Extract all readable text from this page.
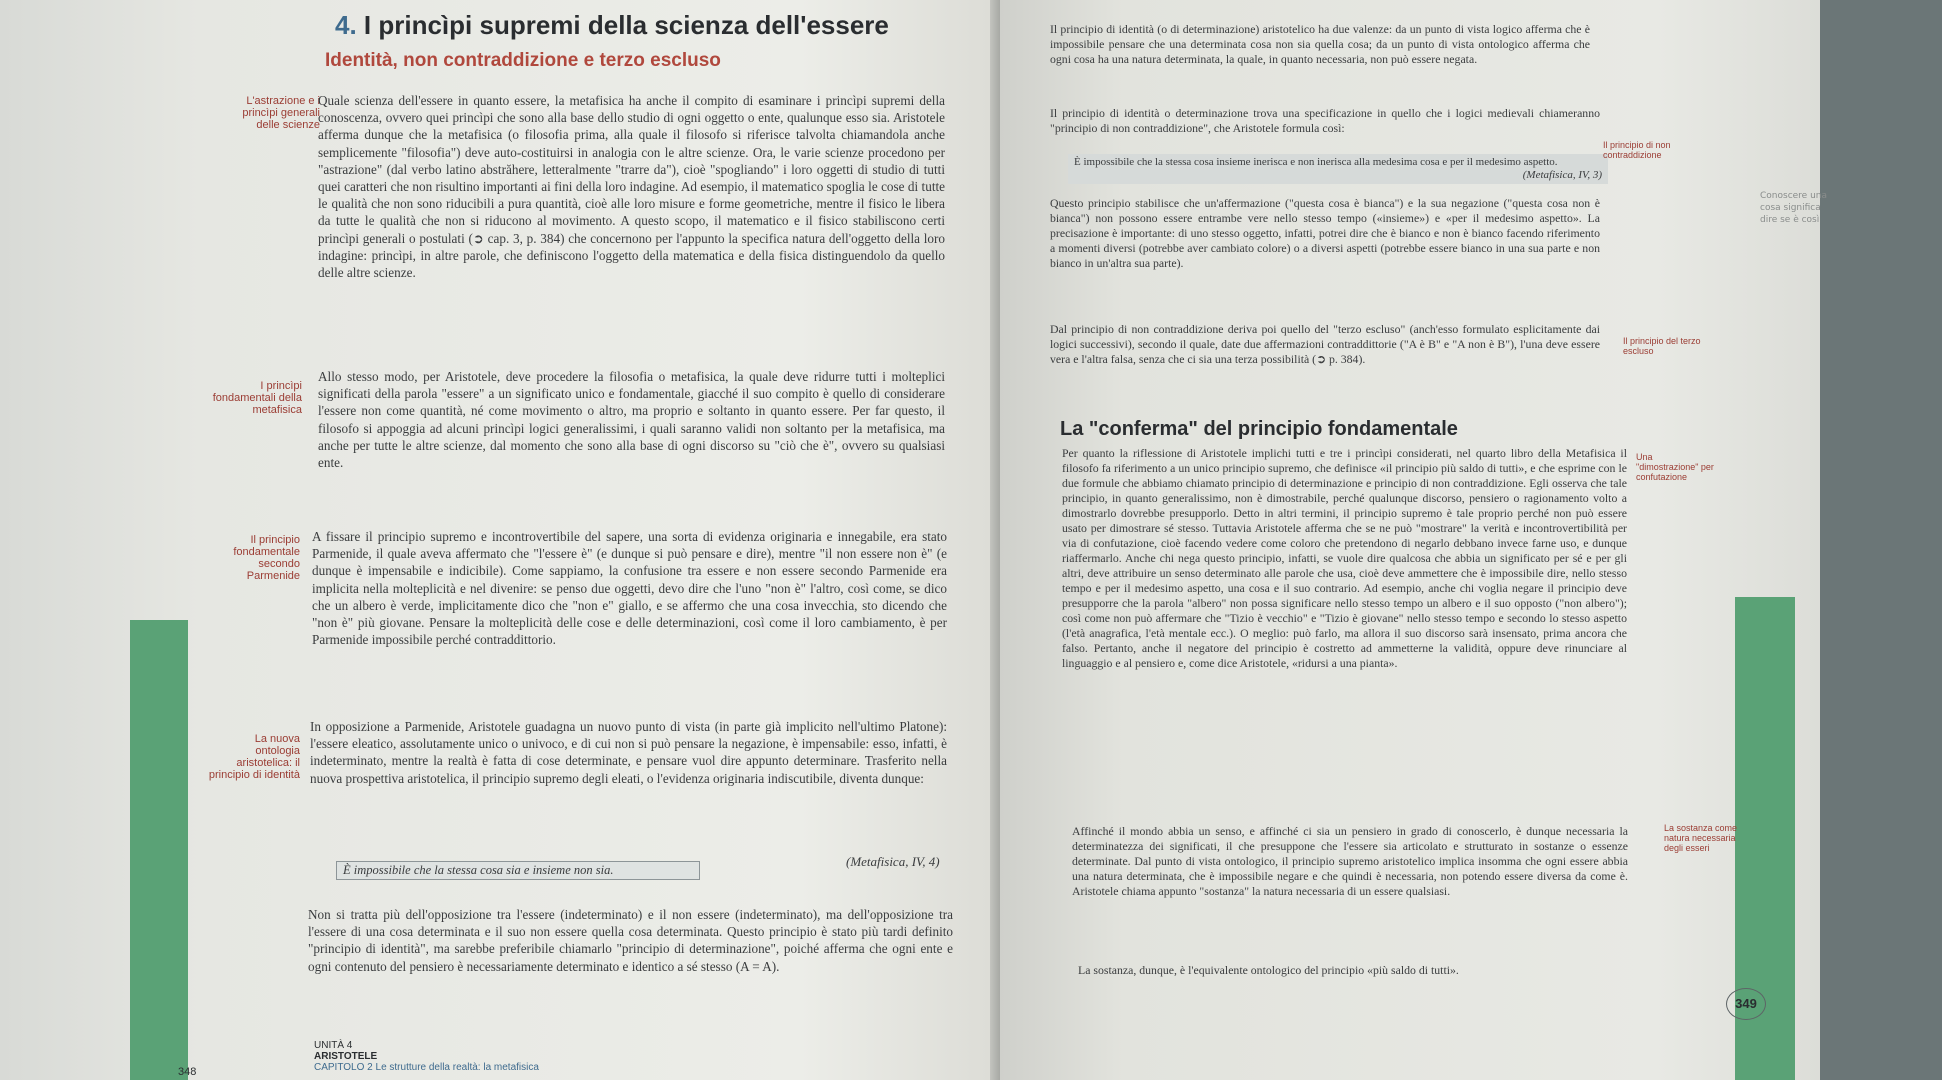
4. I princìpi supremi della scienza dell'essere
Identità, non contraddizione e terzo escluso
L'astrazione e i princìpi generali delle scienze
I princìpi fondamentali della metafisica
Il principio fondamentale secondo Parmenide
La nuova ontologia aristotelica: il principio di identità
Quale scienza dell'essere in quanto essere, la metafisica ha anche il compito di esaminare i princìpi supremi della conoscenza, ovvero quei princìpi che sono alla base dello studio di ogni oggetto o ente, qualunque esso sia. Aristotele afferma dunque che la metafisica (o filosofia prima, alla quale il filosofo si riferisce talvolta chiamandola anche semplicemente "filosofia") deve auto-costituirsi in analogia con le altre scienze. Ora, le varie scienze procedono per "astrazione" (dal verbo latino abstrăhere, letteralmente "trarre da"), cioè "spogliando" i loro oggetti di studio di tutti quei caratteri che non risultino importanti ai fini della loro indagine. Ad esempio, il matematico spoglia le cose di tutte le qualità che non sono riducibili a pura quantità, cioè alle loro misure e forme geometriche, mentre il fisico le libera da tutte le qualità che non si riducono al movimento. A questo scopo, il matematico e il fisico stabiliscono certi princìpi generali o postulati (➲ cap. 3, p. 384) che concernono per l'appunto la specifica natura dell'oggetto della loro indagine: princìpi, in altre parole, che definiscono l'oggetto della matematica e della fisica distinguendolo da quello delle altre scienze.
Allo stesso modo, per Aristotele, deve procedere la filosofia o metafisica, la quale deve ridurre tutti i molteplici significati della parola "essere" a un significato unico e fondamentale, giacché il suo compito è quello di considerare l'essere non come quantità, né come movimento o altro, ma proprio e soltanto in quanto essere. Per far questo, il filosofo si appoggia ad alcuni princìpi logici generalissimi, i quali saranno validi non soltanto per la metafisica, ma anche per tutte le altre scienze, dal momento che sono alla base di ogni discorso su "ciò che è", ovvero su qualsiasi ente.
A fissare il principio supremo e incontrovertibile del sapere, una sorta di evidenza originaria e innegabile, era stato Parmenide, il quale aveva affermato che "l'essere è" (e dunque si può pensare e dire), mentre "il non essere non è" (e dunque è impensabile e indicibile). Come sappiamo, la confusione tra essere e non essere secondo Parmenide era implicita nella molteplicità e nel divenire: se penso due oggetti, devo dire che l'uno "non è" l'altro, così come, se dico che un albero è verde, implicitamente dico che "non e" giallo, e se affermo che una cosa invecchia, sto dicendo che "non è" più giovane. Pensare la molteplicità delle cose e delle determinazioni, così come il loro cambiamento, è per Parmenide impossibile perché contraddittorio.
In opposizione a Parmenide, Aristotele guadagna un nuovo punto di vista (in parte già implicito nell'ultimo Platone): l'essere eleatico, assolutamente unico o univoco, e di cui non si può pensare la negazione, è impensabile: esso, infatti, è indeterminato, mentre la realtà è fatta di cose determinate, e pensare vuol dire appunto determinare. Trasferito nella nuova prospettiva aristotelica, il principio supremo degli eleati, o l'evidenza originaria indiscutibile, diventa dunque:
È impossibile che la stessa cosa sia e insieme non sia.
(Metafisica, IV, 4)
Non si tratta più dell'opposizione tra l'essere (indeterminato) e il non essere (indeterminato), ma dell'opposizione tra l'essere di una cosa determinata e il suo non essere quella cosa determinata. Questo principio è stato più tardi definito "principio di identità", ma sarebbe preferibile chiamarlo "principio di determinazione", poiché afferma che ogni ente e ogni contenuto del pensiero è necessariamente determinato e identico a sé stesso (A = A).
UNITÀ 4
ARISTOTELE
CAPITOLO 2 Le strutture della realtà: la metafisica
348
Il principio di identità (o di determinazione) aristotelico ha due valenze: da un punto di vista logico afferma che è impossibile pensare che una determinata cosa non sia quella cosa; da un punto di vista ontologico afferma che ogni cosa ha una natura determinata, la quale, in quanto necessaria, non può essere negata.
Il principio di identità o determinazione trova una specificazione in quello che i logici medievali chiameranno "principio di non contraddizione", che Aristotele formula così:
È impossibile che la stessa cosa insieme inerisca e non inerisca alla medesima cosa e per il medesimo aspetto.
(Metafisica, IV, 3)
Questo principio stabilisce che un'affermazione ("questa cosa è bianca") e la sua negazione ("questa cosa non è bianca") non possono essere entrambe vere nello stesso tempo («insieme») e «per il medesimo aspetto». La precisazione è importante: di uno stesso oggetto, infatti, potrei dire che è bianco e non è bianco facendo riferimento a momenti diversi (potrebbe aver cambiato colore) o a diversi aspetti (potrebbe essere bianco in una sua parte e non bianco in un'altra sua parte).
Dal principio di non contraddizione deriva poi quello del "terzo escluso" (anch'esso formulato esplicitamente dai logici successivi), secondo il quale, date due affermazioni contraddittorie ("A è B" e "A non è B"), l'una deve essere vera e l'altra falsa, senza che ci sia una terza possibilità (➲ p. 384).
La "conferma" del principio fondamentale
Per quanto la riflessione di Aristotele implichi tutti e tre i princìpi considerati, nel quarto libro della Metafisica il filosofo fa riferimento a un unico principio supremo, che definisce «il principio più saldo di tutti», e che esprime con le due formule che abbiamo chiamato principio di determinazione e principio di non contraddizione. Egli osserva che tale principio, in quanto generalissimo, non è dimostrabile, perché qualunque discorso, pensiero o ragionamento volto a dimostrarlo dovrebbe presupporlo. Detto in altri termini, il principio supremo è tale proprio perché non può essere usato per dimostrare sé stesso. Tuttavia Aristotele afferma che se ne può "mostrare" la verità e incontrovertibilità per via di confutazione, cioè facendo vedere come coloro che pretendono di negarlo debbano invece farne uso, e dunque riaffermarlo. Anche chi nega questo principio, infatti, se vuole dire qualcosa che abbia un significato per sé e per gli altri, deve attribuire un senso determinato alle parole che usa, cioè deve ammettere che è impossibile dire, nello stesso tempo e per il medesimo aspetto, una cosa e il suo contrario. Ad esempio, anche chi voglia negare il principio deve presupporre che la parola "albero" non possa significare nello stesso tempo un albero e il suo opposto ("non albero"); così come non può affermare che "Tizio è vecchio" e "Tizio è giovane" nello stesso tempo e secondo lo stesso aspetto (l'età anagrafica, l'età mentale ecc.). O meglio: può farlo, ma allora il suo discorso sarà insensato, prima ancora che falso. Pertanto, anche il negatore del principio è costretto ad ammetterne la validità, oppure deve rinunciare al linguaggio e al pensiero e, come dice Aristotele, «ridursi a una pianta».
Affinché il mondo abbia un senso, e affinché ci sia un pensiero in grado di conoscerlo, è dunque necessaria la determinatezza dei significati, il che presuppone che l'essere sia articolato e strutturato in sostanze o essenze determinate. Dal punto di vista ontologico, il principio supremo aristotelico implica insomma che ogni essere abbia una natura determinata, che è impossibile negare e che quindi è necessaria, non potendo essere diversa da come è. Aristotele chiama appunto "sostanza" la natura necessaria di un essere qualsiasi.
La sostanza, dunque, è l'equivalente ontologico del principio «più saldo di tutti».
Il principio di non contraddizione
Il principio del terzo escluso
Una "dimostrazione" per confutazione
La sostanza come natura necessaria degli esseri
Conoscere una cosa significa dire se è così
349
